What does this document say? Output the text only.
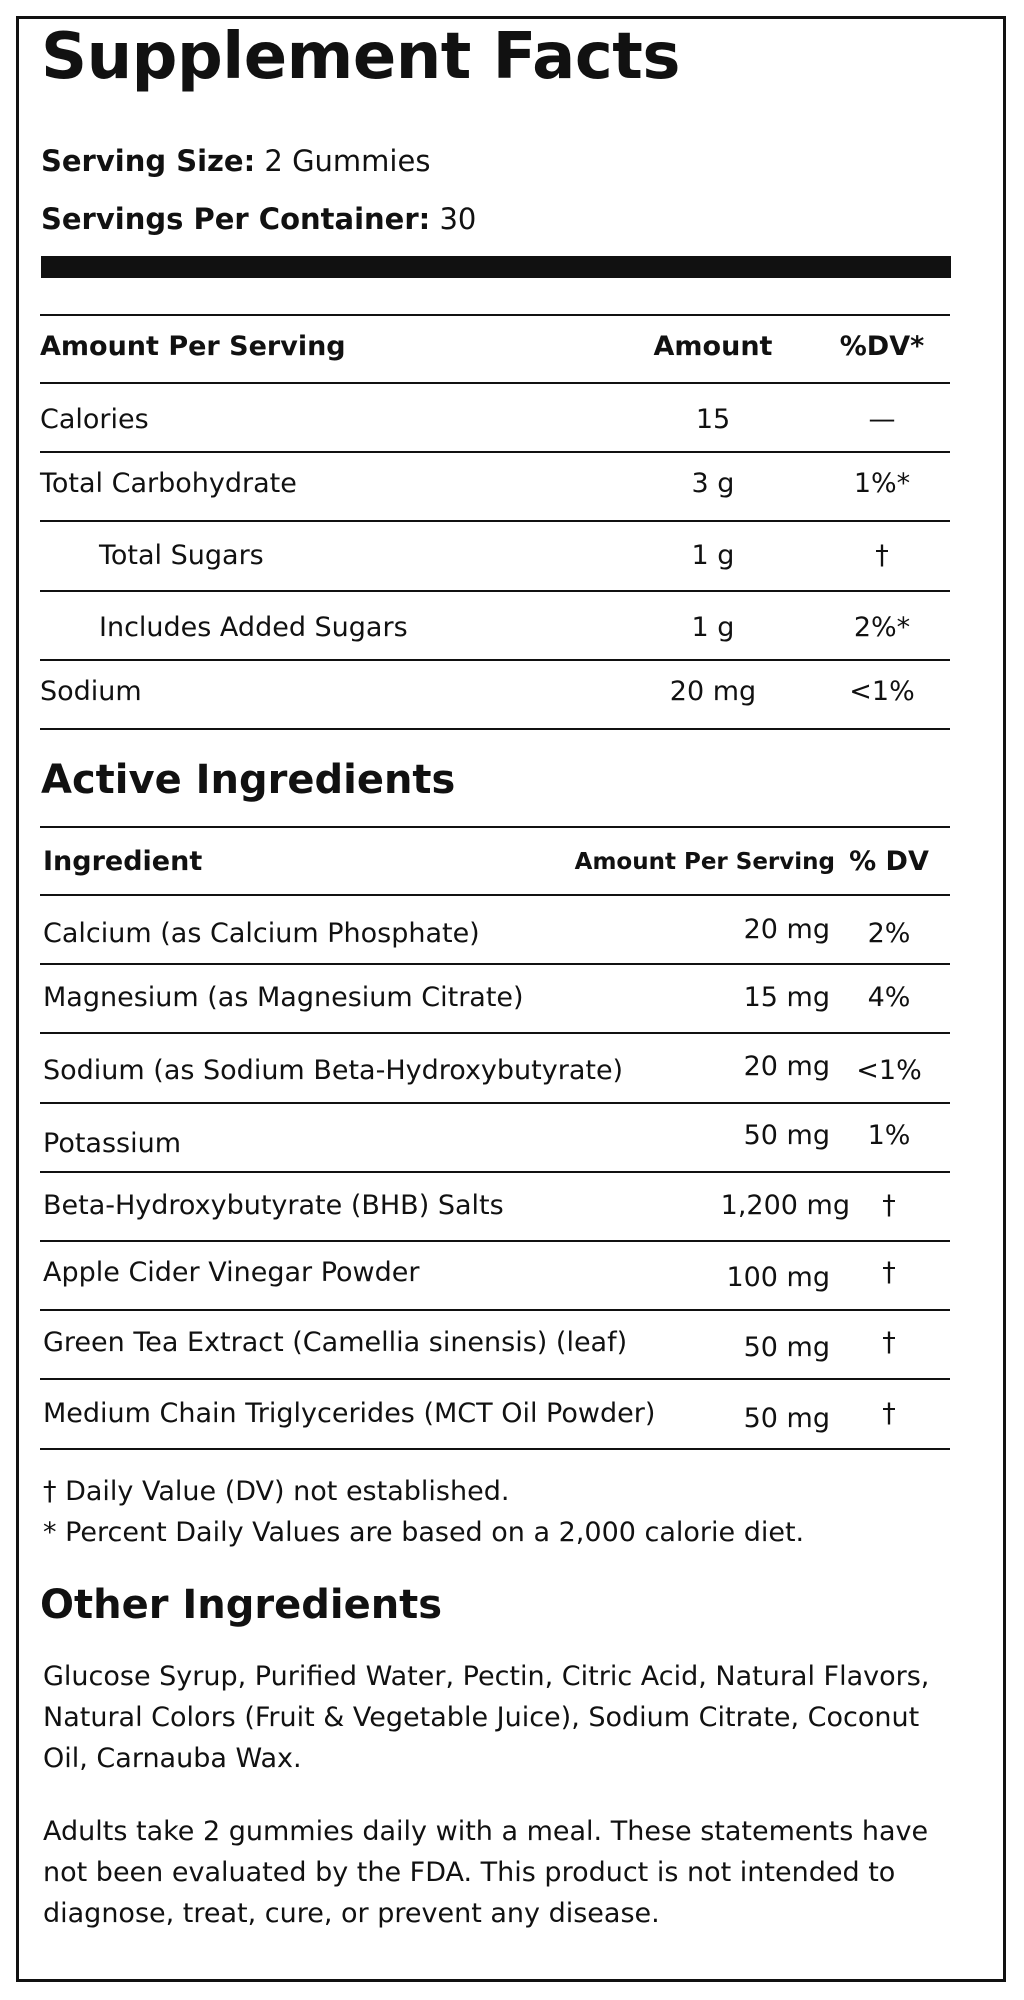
Supplement Facts
Serving Size: 2 Gummies
Servings Per Container: 30
Amount Per Serving	Amount	%DV*
Calories	15	—
Total Carbohydrate	3 g	1%*
Total Sugars	1 g	†
Includes Added Sugars	1 g	2%*
Sodium	20 mg	<1%
Active Ingredients
Ingredient	Amount Per Serving % DV
Calcium (as Calcium Phosphate)	20 mg	2%
Magnesium (as Magnesium Citrate)	15 mg	4%
Sodium (as Sodium Beta-Hydroxybutyrate)	20 mg <1%
Potassium	50 mg	1%
Beta-Hydroxybutyrate (BHB) Salts	1,200 mg	†
Apple Cider Vinegar Powder	100 mg	†
Green Tea Extract (Camellia sinensis) (leaf)	50 mg	†
Medium Chain Triglycerides (MCT Oil Powder)	50 mg	†
† Daily Value (DV) not established.
* Percent Daily Values are based on a 2,000 calorie diet.
Other Ingredients
Glucose Syrup, Purified Water, Pectin, Citric Acid, Natural Flavors, Natural Colors (Fruit & Vegetable Juice), Sodium Citrate, Coconut Oil, Carnauba Wax.
Adults take 2 gummies daily with a meal. These statements have not been evaluated by the FDA. This product is not intended to diagnose, treat, cure, or prevent any disease.
